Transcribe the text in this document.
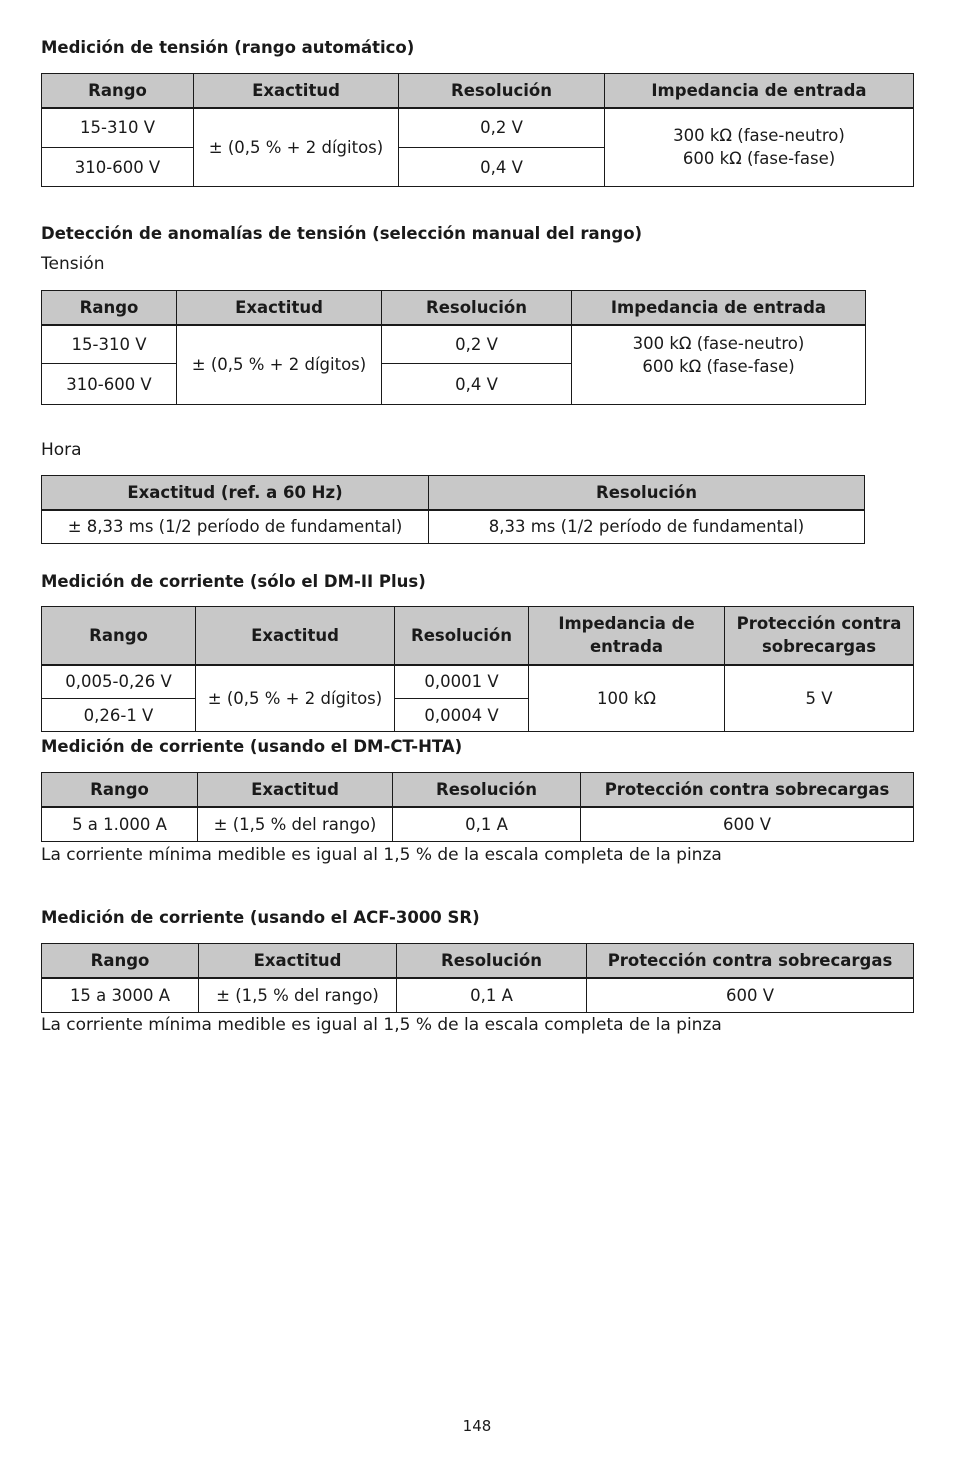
Medición de tensión (rango automático)
Rango	Exactitud	Resolución	Impedancia de entrada
15-310 V	± (0,5 % + 2 dígitos)	0,2 V	300 kΩ (fase-neutro)
600 kΩ (fase-fase)

310-600 V		0,4 V	
Detección de anomalías de tensión (selección manual del rango)
Tensión
Rango	Exactitud	Resolución	Impedancia de entrada
15-310 V	± (0,5 % + 2 dígitos)	0,2 V	300 kΩ (fase-neutro)
600 kΩ (fase-fase)

310-600 V		0,4 V	
Hora
Exactitud (ref. a 60 Hz)	Resolución
± 8,33 ms (1/2 período de fundamental)	8,33 ms (1/2 período de fundamental)
Medición de corriente (sólo el DM-II Plus)
Rango	Exactitud	Resolución	Impedancia de entrada	Protección contra sobrecargas
0,005-0,26 V	± (0,5 % + 2 dígitos)	0,0001 V	100 kΩ	5 V
0,26-1 V		0,0004 V		
Medición de corriente (usando el DM-CT-HTA)
Rango	Exactitud	Resolución	Protección contra sobrecargas
5 a 1.000 A	± (1,5 % del rango)	0,1 A	600 V
La corriente mínima medible es igual al 1,5 % de la escala completa de la pinza
Medición de corriente (usando el ACF-3000 SR)
Rango	Exactitud	Resolución	Protección contra sobrecargas
15 a 3000 A	± (1,5 % del rango)	0,1 A	600 V
La corriente mínima medible es igual al 1,5 % de la escala completa de la pinza
148
